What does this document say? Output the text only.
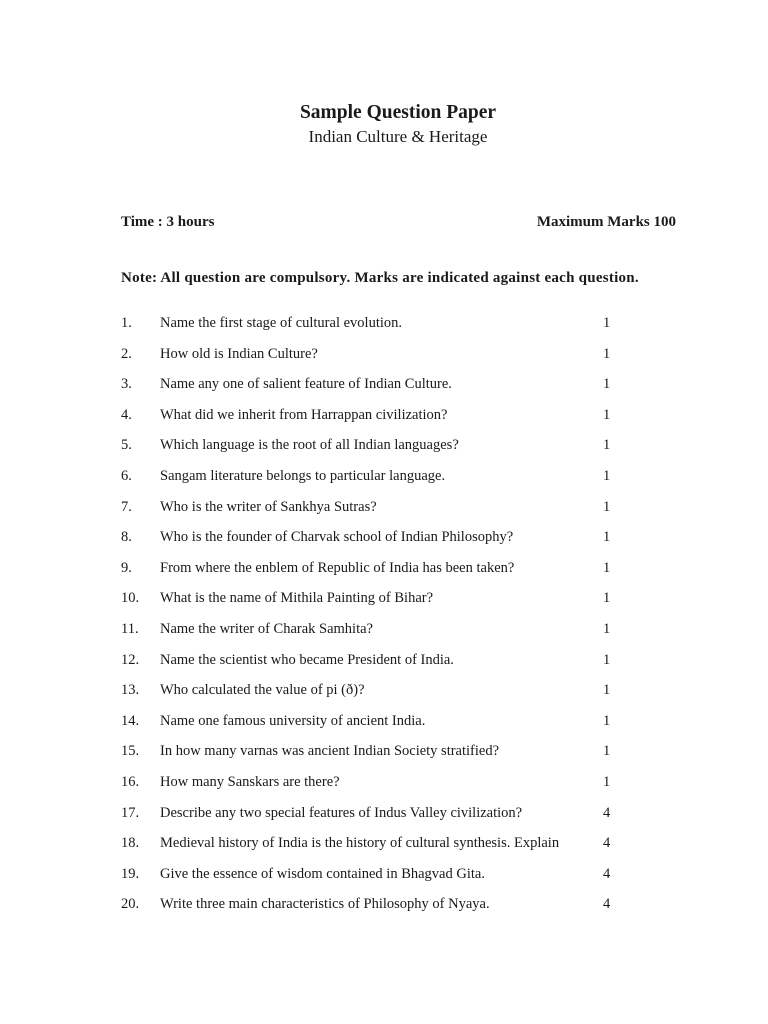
Sample Question Paper
Indian Culture & Heritage
Time : 3 hours	Maximum Marks 100
Note: All question are compulsory. Marks are indicated against each question.
1. Name the first stage of cultural evolution.	1
2. How old is Indian Culture?	1
3. Name any one of salient feature of Indian Culture.	1
4. What did we inherit from Harrappan civilization?	1
5. Which language is the root of all Indian languages?	1
6. Sangam literature belongs to particular language.	1
7. Who is the writer of Sankhya Sutras?	1
8. Who is the founder of Charvak school of Indian Philosophy?	1
9. From where the enblem of Republic of India has been taken?	1
10. What is the name of Mithila Painting of Bihar?	1
11. Name the writer of Charak Samhita?	1
12. Name the scientist who became President of India.	1
13. Who calculated the value of pi (ð)?	1
14. Name one famous university of ancient India.	1
15. In how many varnas was ancient Indian Society stratified?	1
16. How many Sanskars are there?	1
17. Describe any two special features of Indus Valley civilization?	4
18. Medieval history of India is the history of cultural synthesis. Explain	4
19. Give the essence of wisdom contained in Bhagvad Gita.	4
20. Write three main characteristics of Philosophy of Nyaya.	4
